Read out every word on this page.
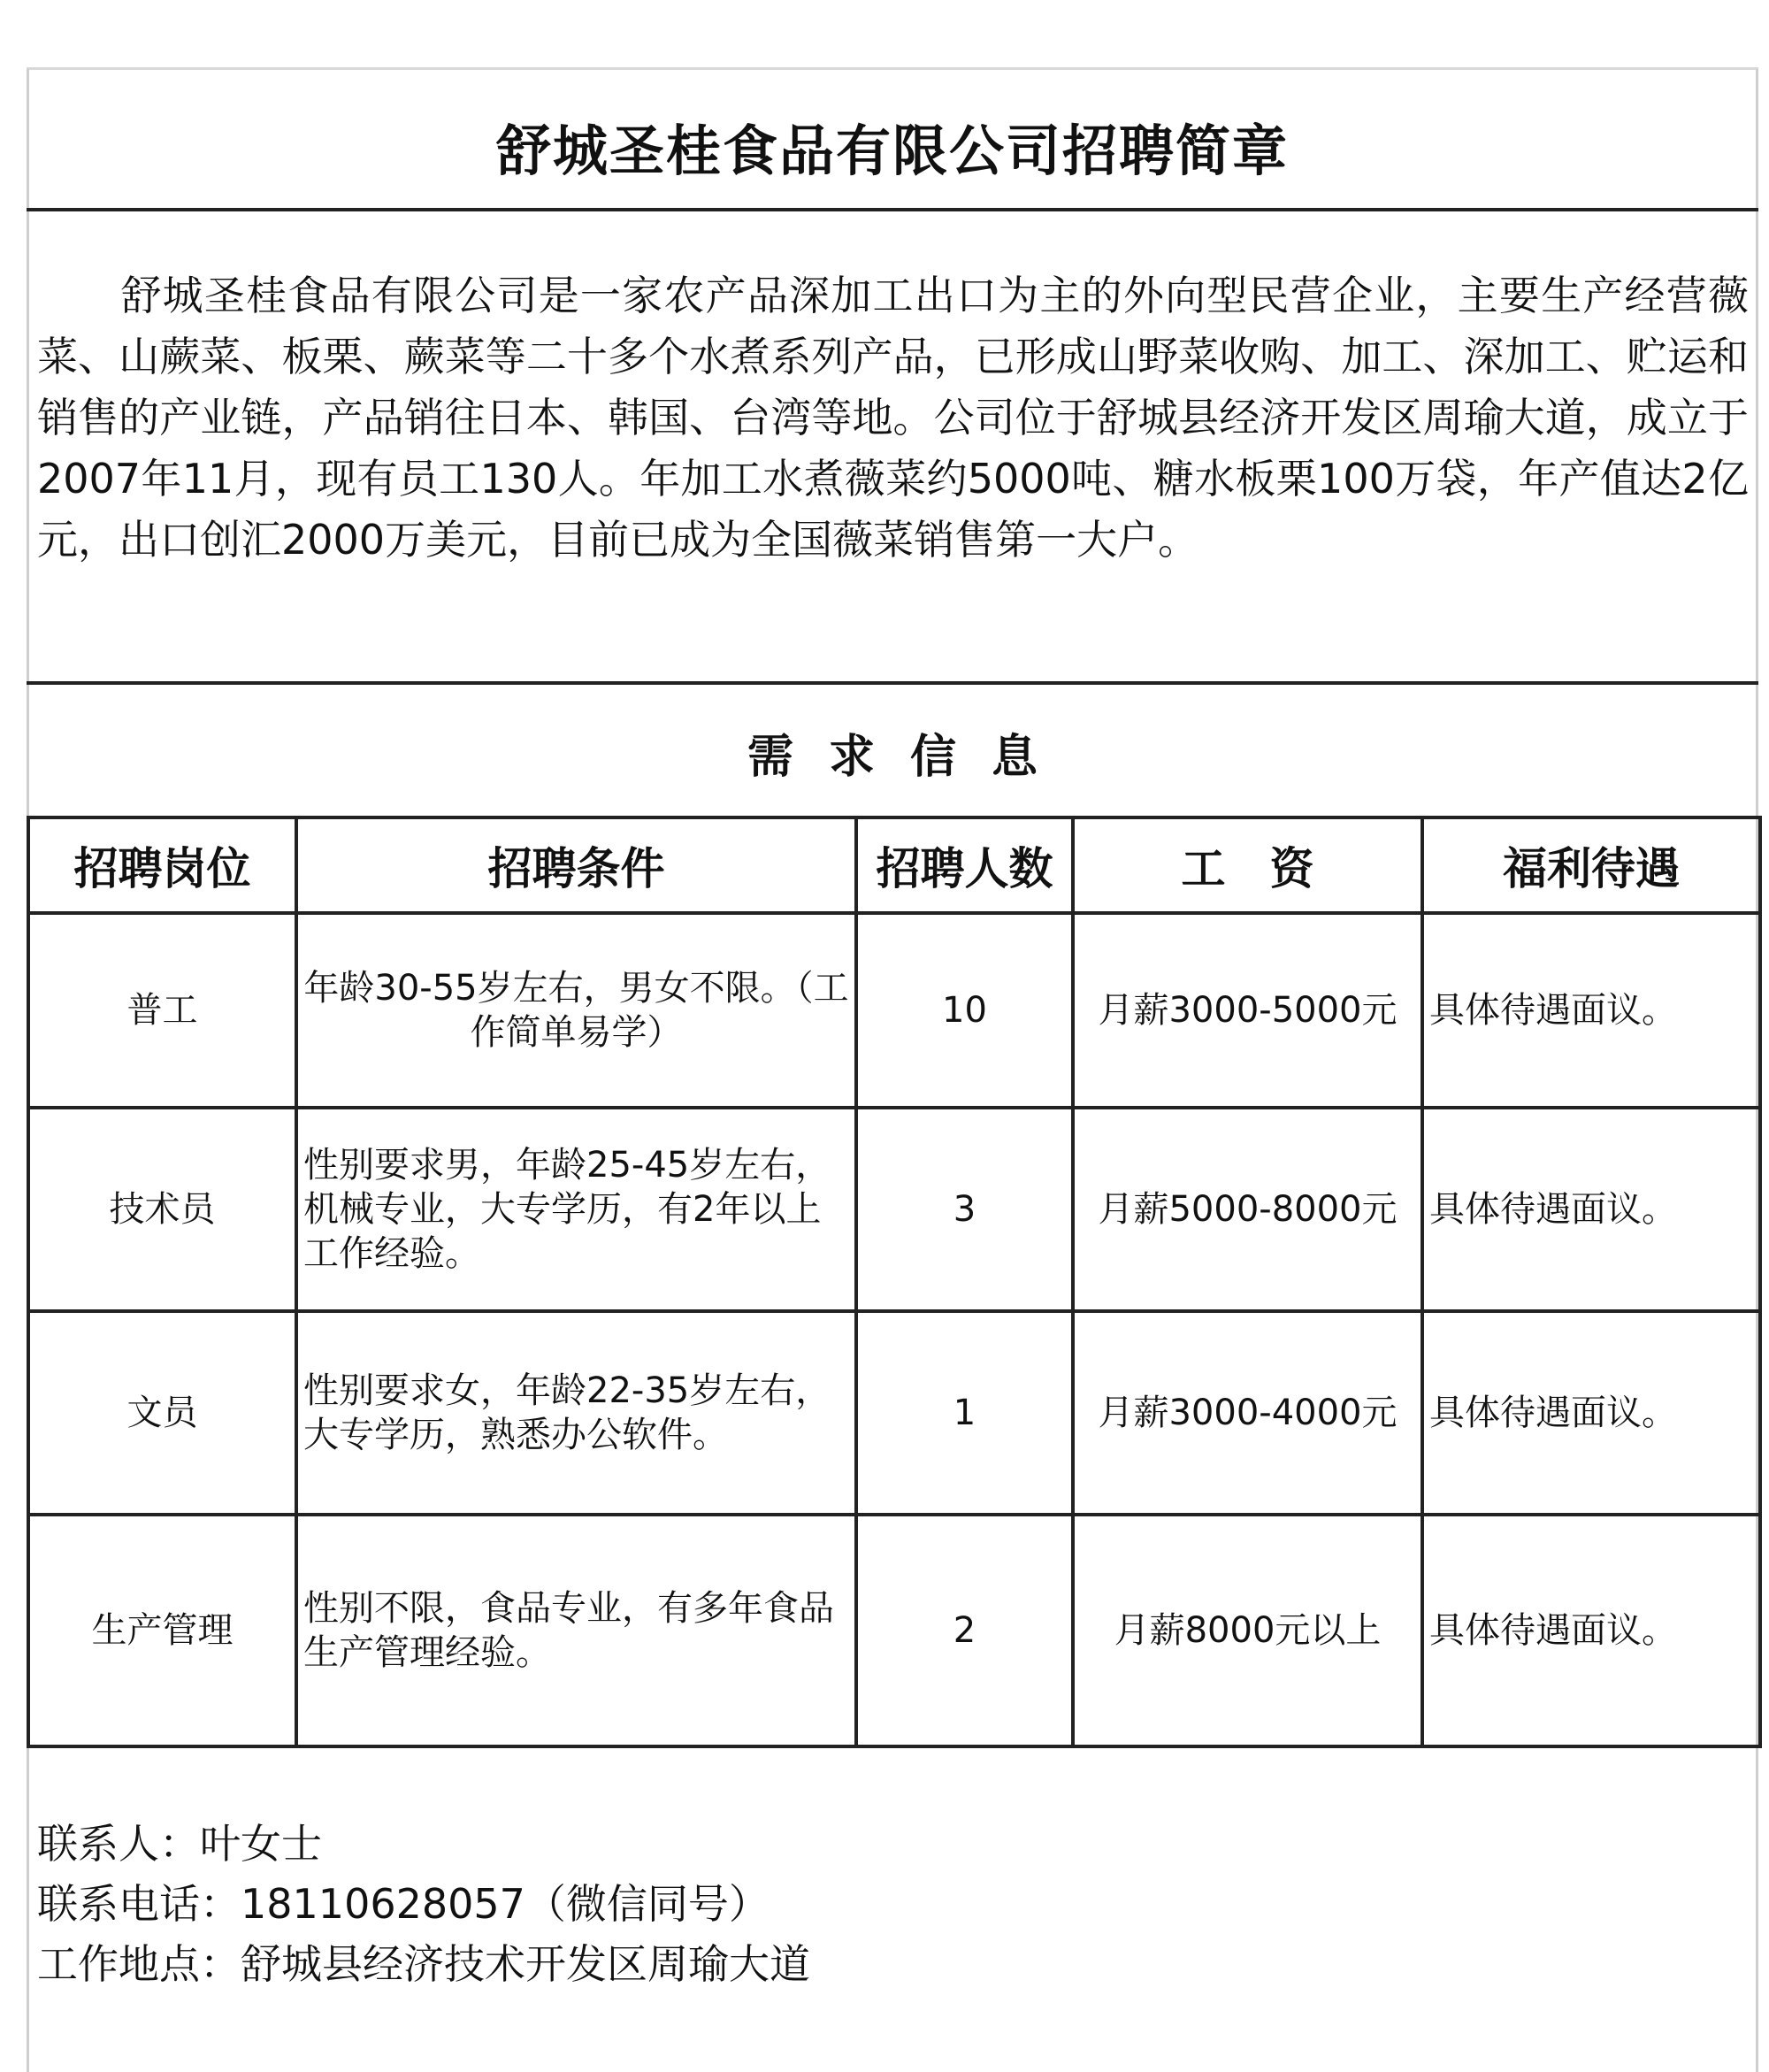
舒城圣桂食品有限公司招聘简章

　　舒城圣桂食品有限公司是一家农产品深加工出口为主的外向型民营企业，主要生产经营薇菜、山蕨菜、板栗、蕨菜等二十多个水煮系列产品，已形成山野菜收购、加工、深加工、贮运和销售的产业链，产品销往日本、韩国、台湾等地。公司位于舒城县经济开发区周瑜大道，成立于2007年11月，现有员工130人。年加工水煮薇菜约5000吨、糖水板栗100万袋，年产值达2亿元，出口创汇2000万美元，目前已成为全国薇菜销售第一大户。

需求信息
招聘岗位	招聘条件	招聘人数	工　资	福利待遇
普工	年龄30-55岁左右，男女不限。（工作简单易学）	10	月薪3000-5000元	具体待遇面议。
技术员	性别要求男，年龄25-45岁左右，机械专业，大专学历，有2年以上工作经验。	3	月薪5000-8000元	具体待遇面议。
文员	性别要求女，年龄22-35岁左右，大专学历，熟悉办公软件。	1	月薪3000-4000元	具体待遇面议。
生产管理	性别不限，食品专业，有多年食品生产管理经验。	2	月薪8000元以上	具体待遇面议。
联系人：叶女士
联系电话：18110628057（微信同号）
工作地点：舒城县经济技术开发区周瑜大道
